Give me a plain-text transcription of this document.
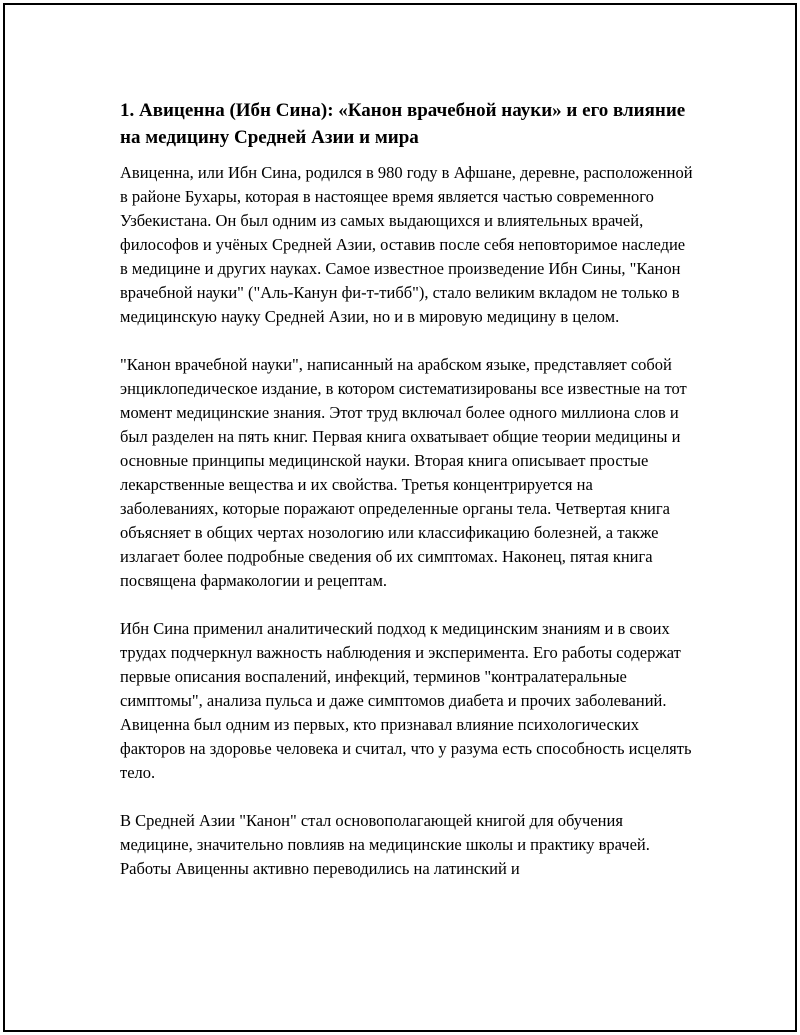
1. Авиценна (Ибн Сина): «Канон врачебной науки» и его влияние на медицину Средней Азии и мира

Авиценна, или Ибн Сина, родился в 980 году в Афшане, деревне, расположенной в районе Бухары, которая в настоящее время является частью современного Узбекистана. Он был одним из самых выдающихся и влиятельных врачей, философов и учёных Средней Азии, оставив после себя неповторимое наследие в медицине и других науках. Самое известное произведение Ибн Сины, "Канон врачебной науки" ("Аль-Канун фи-т-тибб"), стало великим вкладом не только в медицинскую науку Средней Азии, но и в мировую медицину в целом.

"Канон врачебной науки", написанный на арабском языке, представляет собой энциклопедическое издание, в котором систематизированы все известные на тот момент медицинские знания. Этот труд включал более одного миллиона слов и был разделен на пять книг. Первая книга охватывает общие теории медицины и основные принципы медицинской науки. Вторая книга описывает простые лекарственные вещества и их свойства. Третья концентрируется на заболеваниях, которые поражают определенные органы тела. Четвертая книга объясняет в общих чертах нозологию или классификацию болезней, а также излагает более подробные сведения об их симптомах. Наконец, пятая книга посвящена фармакологии и рецептам.

Ибн Сина применил аналитический подход к медицинским знаниям и в своих трудах подчеркнул важность наблюдения и эксперимента. Его работы содержат первые описания воспалений, инфекций, терминов "контралатеральные симптомы", анализа пульса и даже симптомов диабета и прочих заболеваний. Авиценна был одним из первых, кто признавал влияние психологических факторов на здоровье человека и считал, что у разума есть способность исцелять тело.

В Средней Азии "Канон" стал основополагающей книгой для обучения медицине, значительно повлияв на медицинские школы и практику врачей. Работы Авиценны активно переводились на латинский и
